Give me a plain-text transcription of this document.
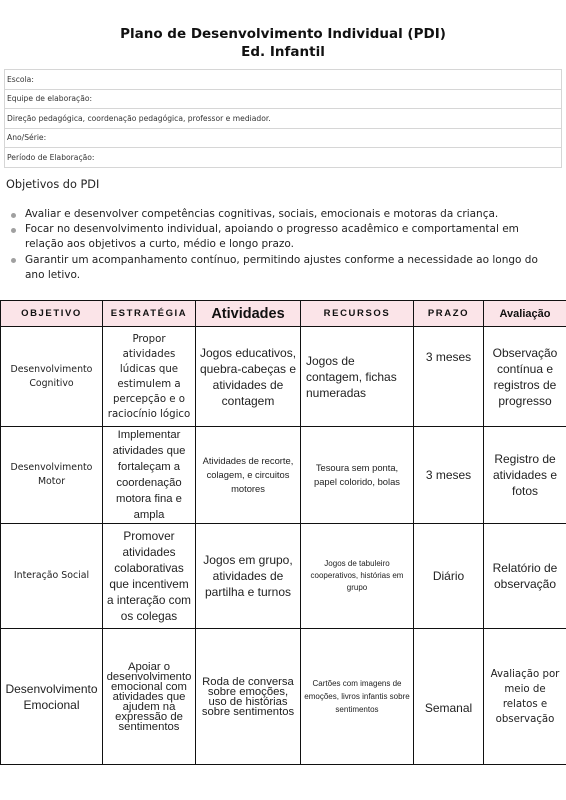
Plano de Desenvolvimento Individual (PDI)
Ed. Infantil
Escola:
Equipe de elaboração:
Direção pedagógica, coordenação pedagógica, professor e mediador.
Ano/Série:
Período de Elaboração:
Objetivos do PDI
Avaliar e desenvolver competências cognitivas, sociais, emocionais e motoras da criança.
Focar no desenvolvimento individual, apoiando o progresso acadêmico e comportamental em relação aos objetivos a curto, médio e longo prazo.
Garantir um acompanhamento contínuo, permitindo ajustes conforme a necessidade ao longo do ano letivo.
OBJETIVO	ESTRATÉGIA	Atividades	RECURSOS	PRAZO	Avaliação
Desenvolvimento Cognitivo	Propor atividades lúdicas que estimulem a percepção e o raciocínio lógico	Jogos educativos, quebra-cabeças e atividades de contagem	Jogos de contagem, fichas numeradas	3 meses	Observação contínua e registros de progresso
Desenvolvimento Motor	Implementar atividades que fortaleçam a coordenação motora fina e ampla	Atividades de recorte, colagem, e circuitos motores	Tesoura sem ponta, papel colorido, bolas	3 meses	Registro de atividades e fotos
Interação Social	Promover atividades colaborativas que incentivem a interação com os colegas	Jogos em grupo, atividades de partilha e turnos	Jogos de tabuleiro cooperativos, histórias em grupo	Diário	Relatório de observação
Desenvolvimento Emocional	Apoiar o desenvolvimento emocional com atividades que ajudem na expressão de sentimentos	Roda de conversa sobre emoções, uso de histórias sobre sentimentos	Cartões com imagens de emoções, livros infantis sobre sentimentos	Semanal	Avaliação por meio de relatos e observação
